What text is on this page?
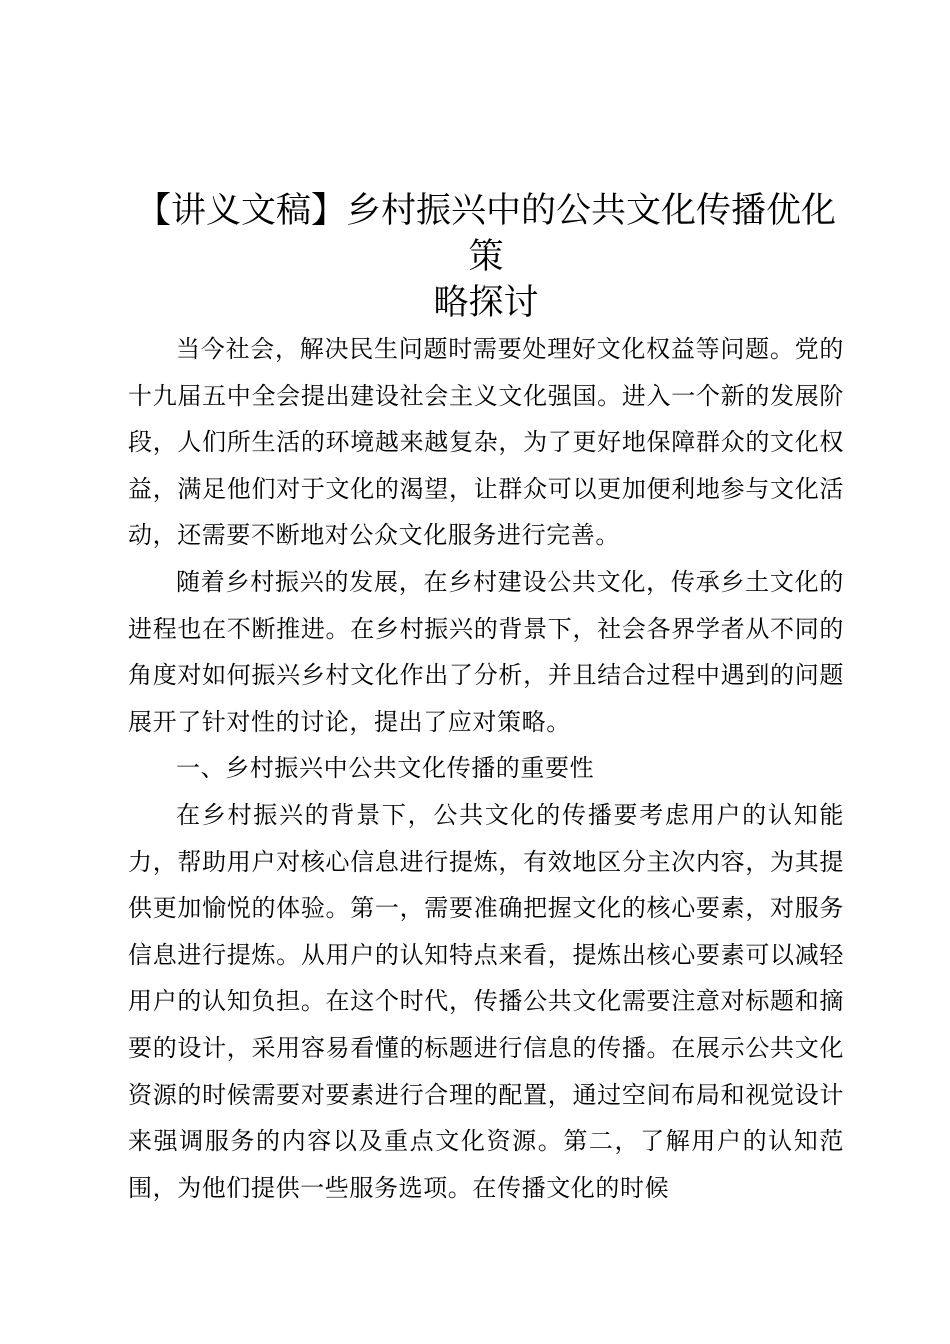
【讲义文稿】乡村振兴中的公共文化传播优化策
略探讨

当今社会，解决民生问题时需要处理好文化权益等问题。党的十九届五中全会提出建设社会主义文化强国。进入一个新的发展阶段，人们所生活的环境越来越复杂，为了更好地保障群众的文化权益，满足他们对于文化的渴望，让群众可以更加便利地参与文化活动，还需要不断地对公众文化服务进行完善。

随着乡村振兴的发展，在乡村建设公共文化，传承乡土文化的进程也在不断推进。在乡村振兴的背景下，社会各界学者从不同的角度对如何振兴乡村文化作出了分析，并且结合过程中遇到的问题展开了针对性的讨论，提出了应对策略。

一、乡村振兴中公共文化传播的重要性

在乡村振兴的背景下，公共文化的传播要考虑用户的认知能力，帮助用户对核心信息进行提炼，有效地区分主次内容，为其提供更加愉悦的体验。第一，需要准确把握文化的核心要素，对服务信息进行提炼。从用户的认知特点来看，提炼出核心要素可以减轻用户的认知负担。在这个时代，传播公共文化需要注意对标题和摘要的设计，采用容易看懂的标题进行信息的传播。在展示公共文化资源的时候需要对要素进行合理的配置，通过空间布局和视觉设计来强调服务的内容以及重点文化资源。第二，了解用户的认知范围，为他们提供一些服务选项。在传播文化的时候
